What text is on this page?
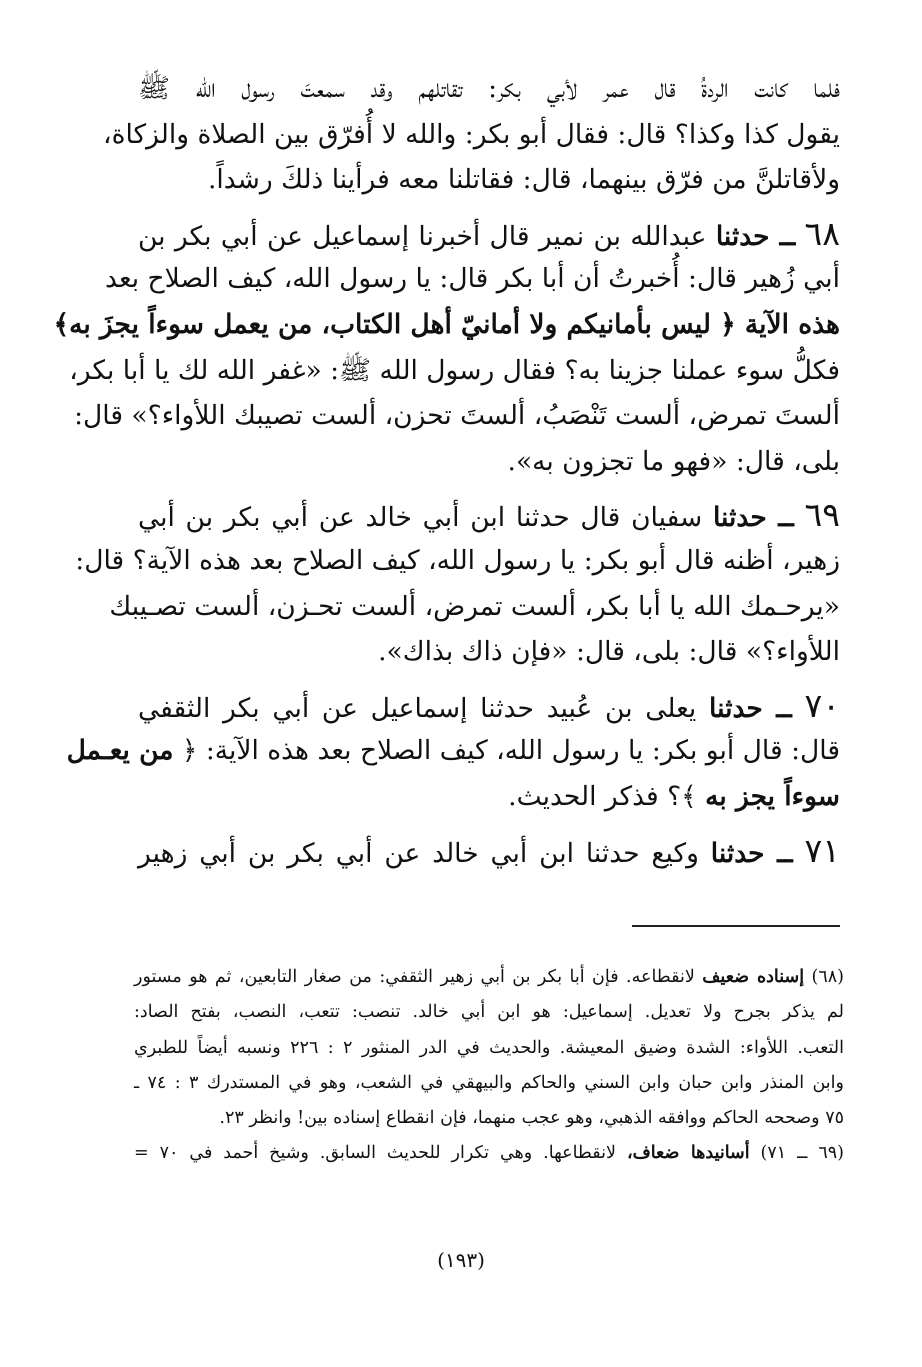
فلما كانت الردةُ قال عمر لأبي بكر: تقاتلهم وقد سمعتَ رسول الله ﷺ
يقول كذا وكذا؟ قال: فقال أبو بكر: والله لا أُفرّق بين الصلاة والزكاة،
ولأقاتلنَّ من فرّق بينهما، قال: فقاتلنا معه فرأينا ذلكَ رشداً.
٦٨ ــ حدثنا عبدالله بن نمير قال أخبرنا إسماعيل عن أبي بكر بن
أبي زُهير قال: أُخبرتُ أن أبا بكر قال: يا رسول الله، كيف الصلاح بعد
هذه الآية ﴿ ليس بأمانيكم ولا أمانيّ أهل الكتاب، من يعمل سوءاً يجزَ به﴾
فكلُّ سوء عملنا جزينا به؟ فقال رسول الله ﷺ: «غفر الله لك يا أبا بكر،
ألستَ تمرض، ألست تَنْصَبُ، ألستَ تحزن، ألست تصيبك اللأواء؟» قال:
بلى، قال: «فهو ما تجزون به».
٦٩ ــ حدثنا سفيان قال حدثنا ابن أبي خالد عن أبي بكر بن أبي
زهير، أظنه قال أبو بكر: يا رسول الله، كيف الصلاح بعد هذه الآية؟ قال:
«يرحـمك الله يا أبا بكر، ألست تمرض، ألست تحـزن، ألست تصـيبك
اللأواء؟» قال: بلى، قال: «فإن ذاك بذاك».
٧٠ ــ حدثنا يعلى بن عُبيد حدثنا إسماعيل عن أبي بكر الثقفي
قال: قال أبو بكر: يا رسول الله، كيف الصلاح بعد هذه الآية: ﴿ من يعـمل
سوءاً يجز به ﴾؟ فذكر الحديث.
٧١ ــ حدثنا وكيع حدثنا ابن أبي خالد عن أبي بكر بن أبي زهير
(٦٨) إسناده ضعيف لانقطاعه. فإن أبا بكر بن أبي زهير الثقفي: من صغار التابعين، ثم هو مستور
لم يذكر بجرح ولا تعديل. إسماعيل: هو ابن أبي خالد. تنصب: تتعب، النصب، بفتح الصاد:
التعب. اللأواء: الشدة وضيق المعيشة. والحديث في الدر المنثور ٢ : ٢٢٦ ونسبه أيضاً للطبري
وابن المنذر وابن حبان وابن السني والحاكم والبيهقي في الشعب، وهو في المستدرك ٣ : ٧٤ ـ
٧٥ وصححه الحاكم ووافقه الذهبي، وهو عجب منهما، فإن انقطاع إسناده بين! وانظر ٢٣.
(٦٩ ــ ٧١) أسانيدها ضعاف، لانقطاعها. وهي تكرار للحديث السابق. وشيخ أحمد في ٧٠ =
(١٩٣)
